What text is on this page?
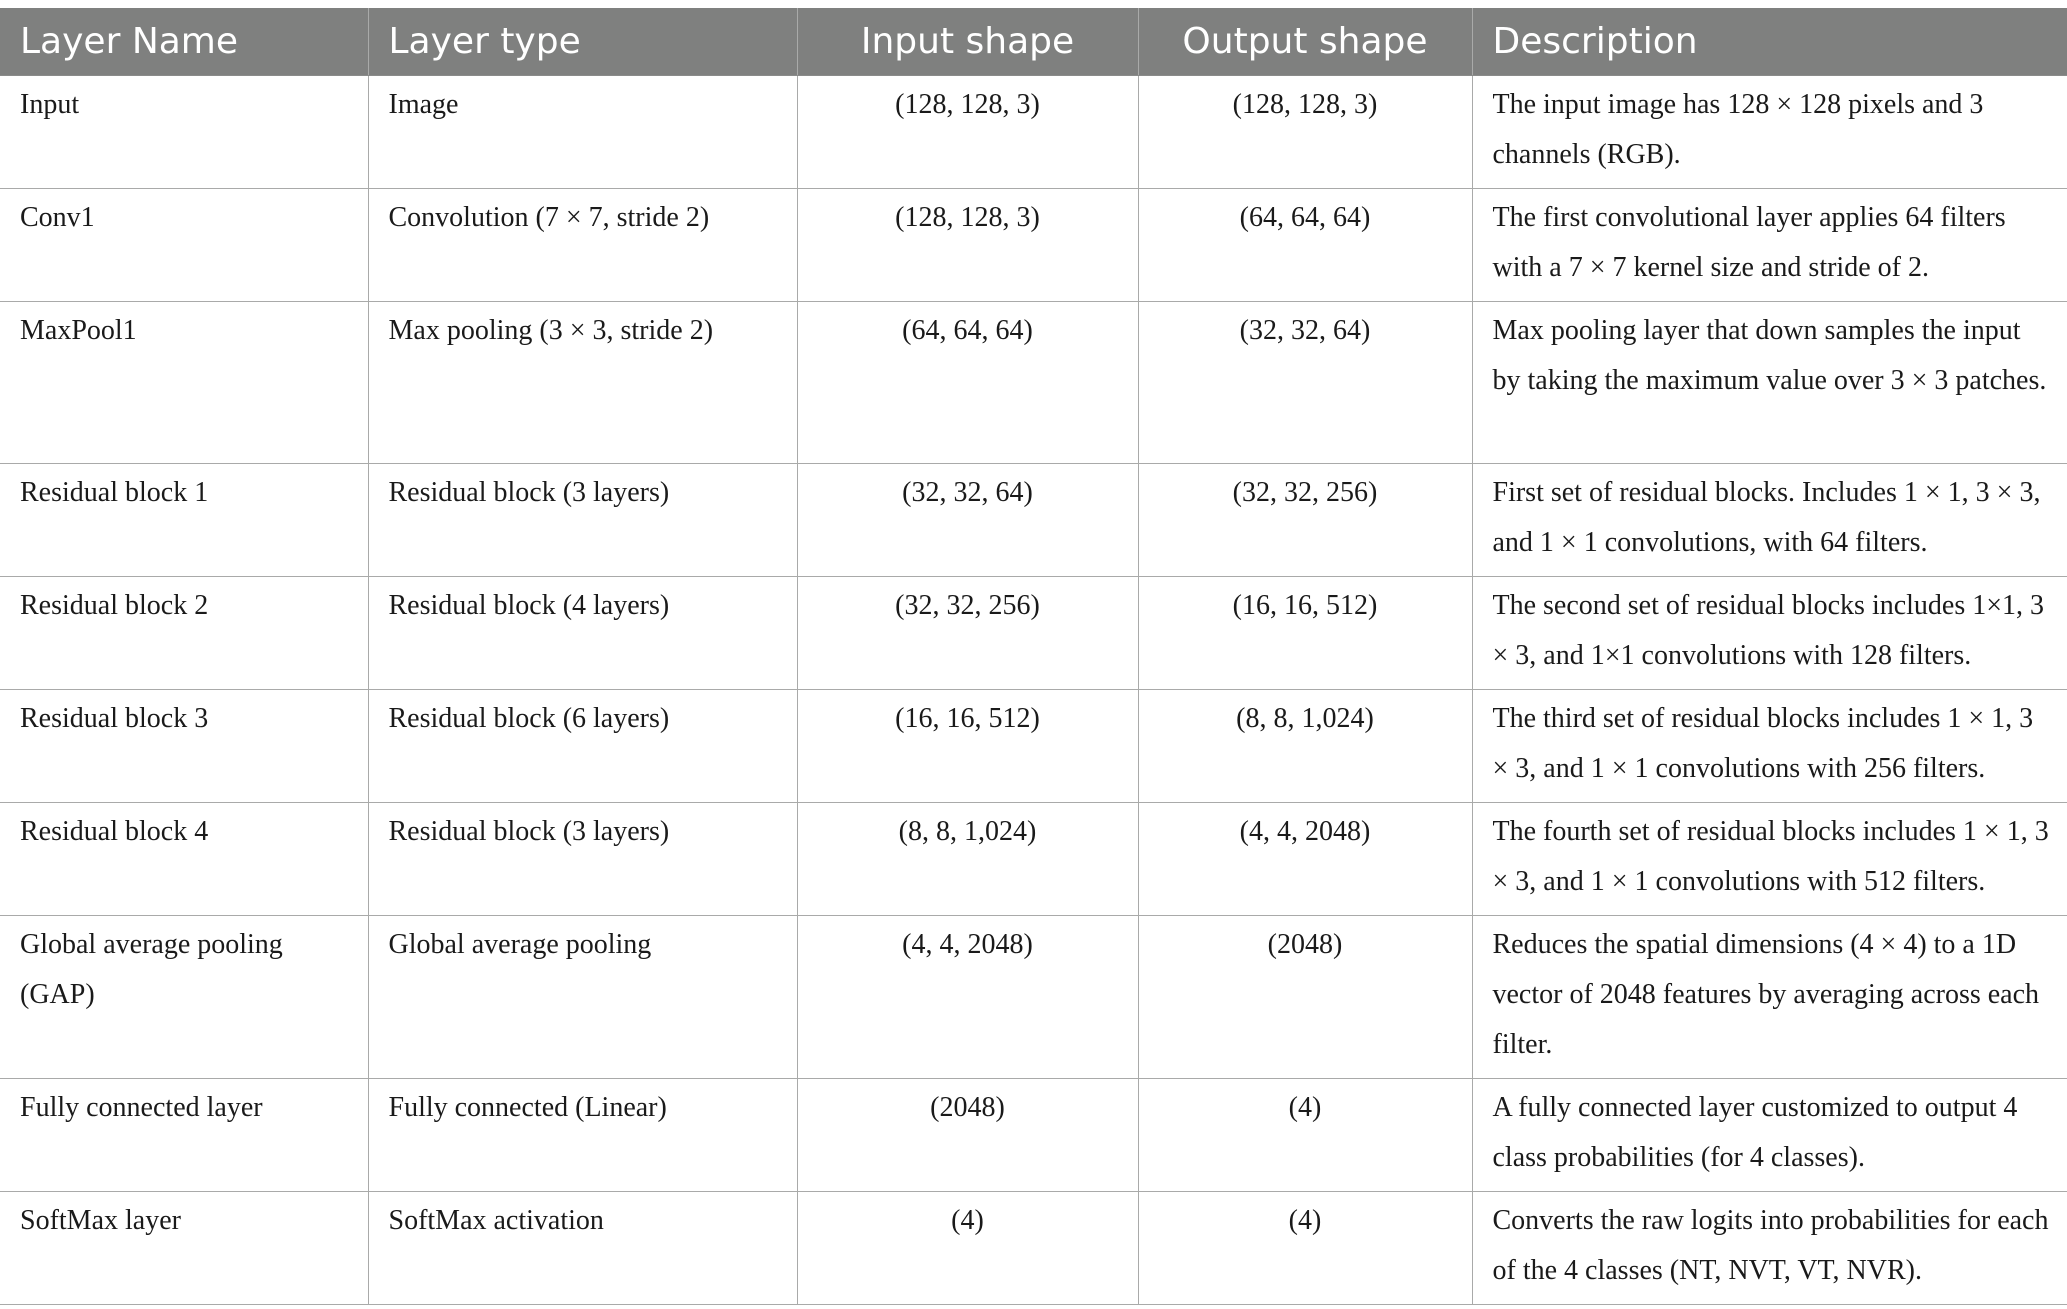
Layer Name	Layer type	Input shape	Output shape	Description
Input	Image	(128, 128, 3)	(128, 128, 3)	The input image has 128 × 128 pixels and 3 channels (RGB).
Conv1	Convolution (7 × 7, stride 2)	(128, 128, 3)	(64, 64, 64)	The first convolutional layer applies 64 filters with a 7 × 7 kernel size and stride of 2.
MaxPool1	Max pooling (3 × 3, stride 2)	(64, 64, 64)	(32, 32, 64)	Max pooling layer that down samples the input by taking the maximum value over 3 × 3 patches.
Residual block 1	Residual block (3 layers)	(32, 32, 64)	(32, 32, 256)	First set of residual blocks. Includes 1 × 1, 3 × 3, and 1 × 1 convolutions, with 64 filters.
Residual block 2	Residual block (4 layers)	(32, 32, 256)	(16, 16, 512)	The second set of residual blocks includes 1×1, 3 × 3, and 1×1 convolutions with 128 filters.
Residual block 3	Residual block (6 layers)	(16, 16, 512)	(8, 8, 1,024)	The third set of residual blocks includes 1 × 1, 3 × 3, and 1 × 1 convolutions with 256 filters.
Residual block 4	Residual block (3 layers)	(8, 8, 1,024)	(4, 4, 2048)	The fourth set of residual blocks includes 1 × 1, 3 × 3, and 1 × 1 convolutions with 512 filters.
Global average pooling (GAP)	Global average pooling	(4, 4, 2048)	(2048)	Reduces the spatial dimensions (4 × 4) to a 1D vector of 2048 features by averaging across each filter.
Fully connected layer	Fully connected (Linear)	(2048)	(4)	A fully connected layer customized to output 4 class probabilities (for 4 classes).
SoftMax layer	SoftMax activation	(4)	(4)	Converts the raw logits into probabilities for each of the 4 classes (NT, NVT, VT, NVR).
